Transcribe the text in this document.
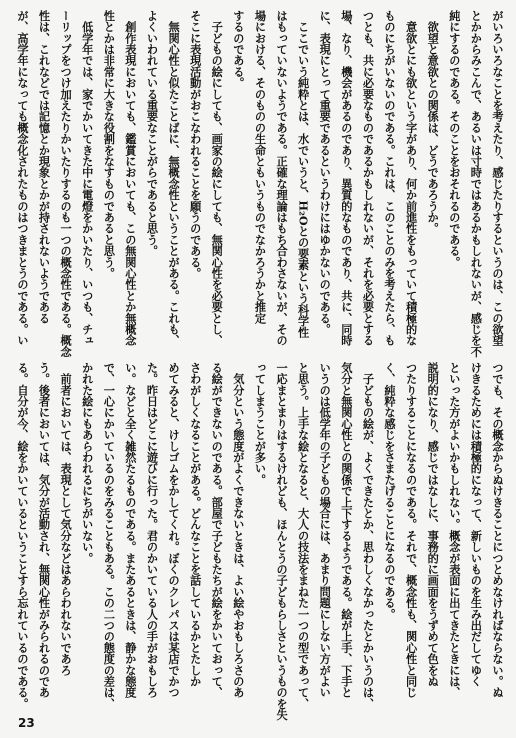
がいろいろなことを考えたり、感じたりするというのは、この欲望
とかからみこんで、あるいは寸時ではあるかもしれないが、感じを不
純にするのである。そのことをおそれるのである。
　欲望と意欲との関係は、どうであろうか。
　意欲とにも欲という字があり、何か前進性をもっていて積極的な
ものにちがいないのである。これは、このことのみを考えたら、も
つとも、共に必要なものであるかもしれないが、それを必要とする
場、なり、機会があるのであり、異質的なものであり、共に、同時
に、表現にとって重要であるというわけにはゆかないのである。
　ここでいう純粋とは、水でいうと、H₂Oとの要素という科学性
はもっていないようである。正確な理論はもち合わさないが、その
場における、そのものの生命ともいうものでなかろうかと推定
するのである。
　子どもの絵にしても、画家の絵にしても、無関心性を必要とし、
そこに表現活動がおこなわれることを願うのである。
　無関心性と似たことばに、無概念性ということがある。これも、
よくいわれている重要なことがらであると思う。
　創作表現においても、鑑賞においても、この無関心性とか無概念
性とかは非常に大きな役割をなすものであると思う。
　低学年では、家でかいてきた中に電燈をかいたり、いつも、チュ
ーリップをつけ加えたりかいたりするのも一つの概念性である。概念
性は、これなどでは記憶とか現象とかが持されないようである
が、高学年になっても概念化されたものはつきまとうのである。い
つでも、その概念からぬけきることにつとめなければならない。ぬ
けきるためには積極的になって、新しいものを生み出だしてゆく
といった方がよいかもしれない。概念が表面に出てきたときには、
説明的になり、感じではなしに、事務的に画面をうずめて色をぬ
つたりすることになるのである。それで、概念性も、関心性と同じ
く、純粋な感じをさまたげることになるのである。
　子どもの絵が、よくできたとか、思わしくなかったとかいうのは、
気分と無関心性との関係で上下するようである。絵が上手、下手と
いうのは低学年の子どもの場合には、あまり問題にしない方がよい
と思う。上手な絵となると、大人の技法をまねた一つの型であって、
一応まとまりはするけれども、ほんとうの子どもらしさというものを失
ってしまうことが多い。
　気分という態度がよくできないときは、よい絵やおもしろさのあ
る絵ができないのである。部屋で子どもたちが絵をかいておって、
さわがしくなることがある。どんなことを話しているかとたしか
めてみると、けしゴムをかしてくれ。ぼくのクレパスは某店でかつ
た。昨日はどこに遊びに行った。君のかいている人の手がおもしろ
い。などと全く雑然たるものである。またあるときは、静かな態度
で、一心にかいているのをみることもある。この二つの態度の差は、
かれた絵にもあらわれるにちがいない。
　前者においては、表現として気分などはあらわれないであろ
う。後者においては、気分が活動され、無関心性がみられるのであ
る。自分が今、絵をかいているということすら忘れているのである。
23
